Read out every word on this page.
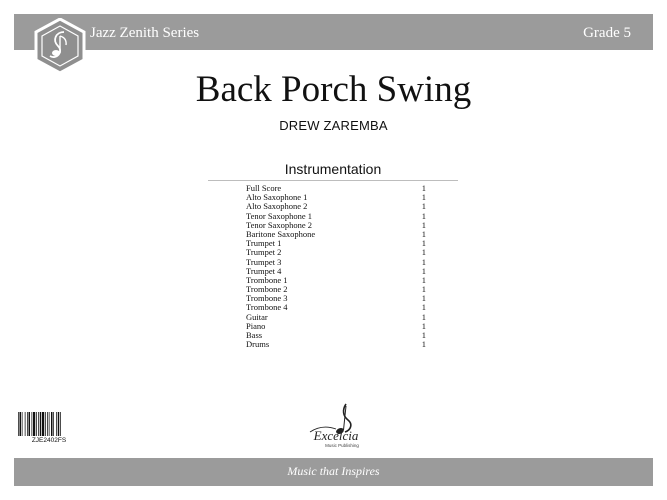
Jazz Zenith Series	Grade 5
Back Porch Swing
DREW ZAREMBA
Instrumentation
Full Score	1
Alto Saxophone 1	1
Alto Saxophone 2	1
Tenor Saxophone 1	1
Tenor Saxophone 2	1
Baritone Saxophone	1
Trumpet 1	1
Trumpet 2	1
Trumpet 3	1
Trumpet 4	1
Trombone 1	1
Trombone 2	1
Trombone 3	1
Trombone 4	1
Guitar	1
Piano	1
Bass	1
Drums	1
ZJE2402FS	Excelcia
Music Publishing
Music that Inspires
